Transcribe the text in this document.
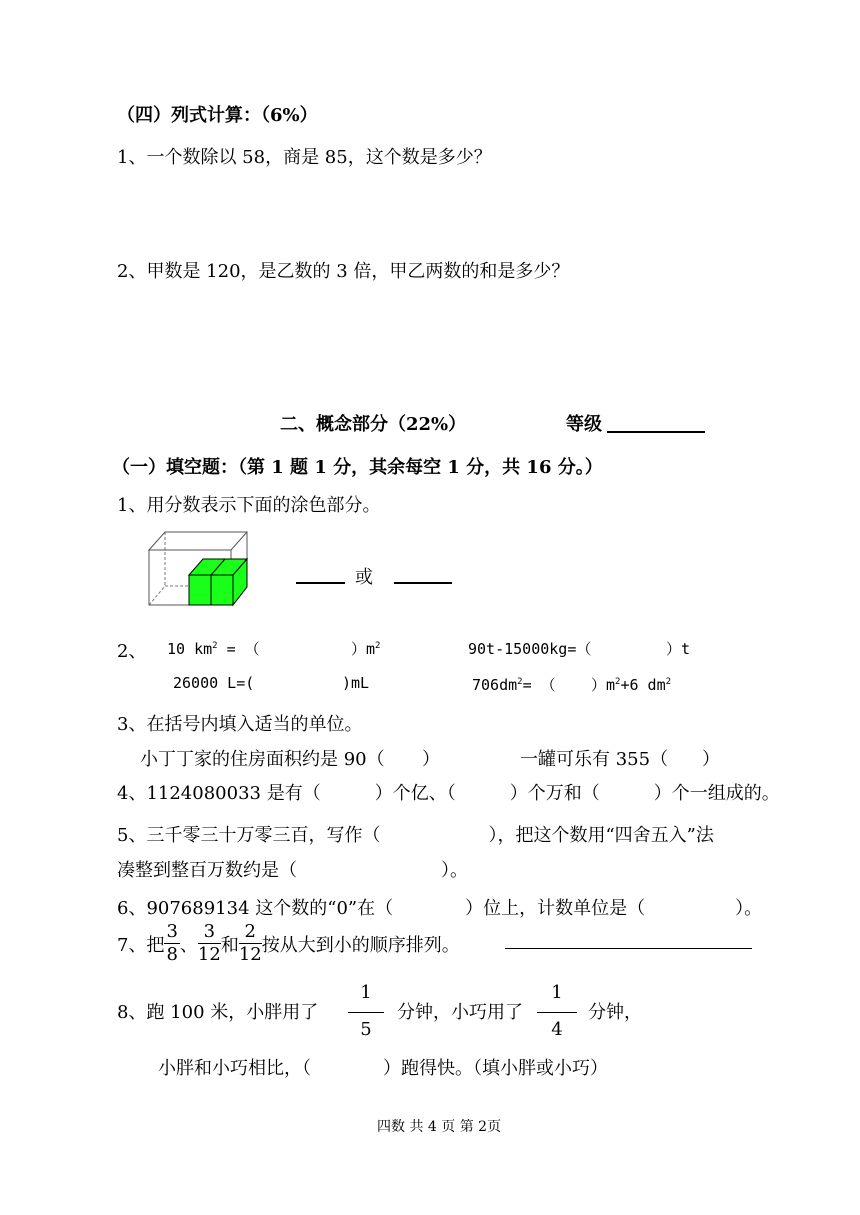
（四）列式计算：（6%）
1、一个数除以 58，商是 85，这个数是多少？
2、甲数是 120，是乙数的 3 倍，甲乙两数的和是多少？
二、概念部分（22%）	等级
（一）填空题：（第 1 题 1 分，其余每空 1 分，共 16 分。）
1、用分数表示下面的涂色部分。
或
2、 10 $km^2$ = （	）$m^2$	90t-15000kg=（	）t
26000 L=(	)mL	$706dm^2=$ （ ）$m^2+6$ $dm^2$
3、在括号内填入适当的单位。
小丁丁家的住房面积约是 90（ ）	一罐可乐有 355（ ）
4、1124080033 是有（　　　）个亿、（　　　）个万和（　　　）个一组成的。
5、三千零三十万零三百，写作（　　　　　　），把这个数用“四舍五入”法
凑整到整百万数约是（　　　　　　　　）。
6、907689134 这个数的“0”在（　　　　）位上，计数单位是（　　　　　）。
7、把 $\frac{3}{8}$ 、 $\frac{3}{12}$ 和 $\frac{2}{12}$ 按从大到小的顺序排列。
8、跑 100 米，小胖用了
1
5
分钟，小巧用了
1
4
分钟，
小胖和小巧相比，（　　　　）跑得快。（填小胖或小巧）
四数 共 4 页 第 2页
